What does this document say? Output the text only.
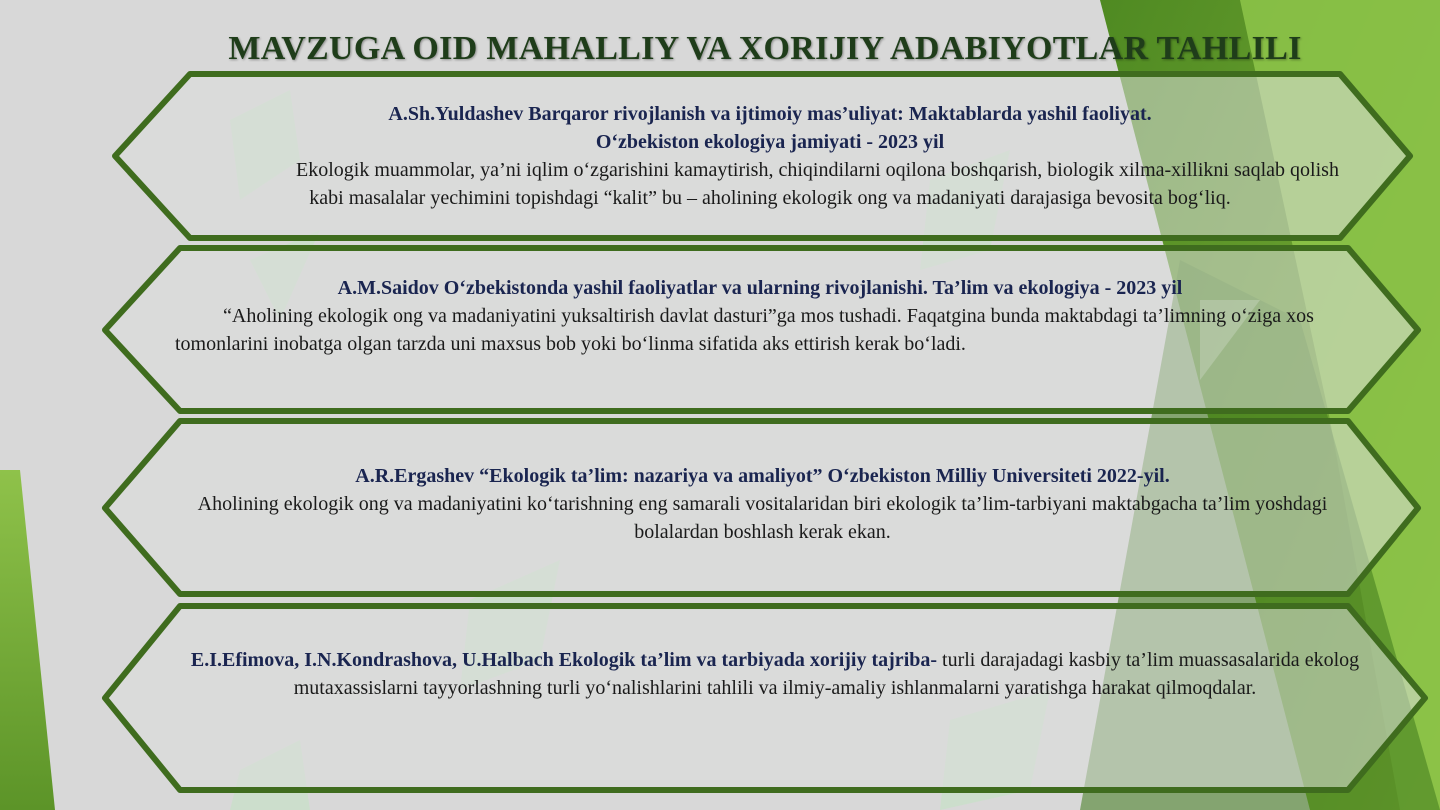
MAVZUGA OID MAHALLIY VA XORIJIY ADABIYOTLAR TAHLILI
A.Sh.Yuldashev Barqaror rivojlanish va ijtimoiy mas’uliyat: Maktablarda yashil faoliyat.
O‘zbekiston ekologiya jamiyati - 2023 yil
Ekologik muammolar, ya’ni iqlim o‘zgarishini kamaytirish, chiqindilarni oqilona boshqarish, biologik xilma-xillikni saqlab qolish kabi masalalar yechimini topishdagi “kalit” bu – aholining ekologik ong va madaniyati darajasiga bevosita bog‘liq.
A.M.Saidov O‘zbekistonda yashil faoliyatlar va ularning rivojlanishi. Ta’lim va ekologiya - 2023 yil
“Aholining ekologik ong va madaniyatini yuksaltirish davlat dasturi”ga mos tushadi. Faqatgina bunda maktabdagi ta’limning o‘ziga xos tomonlarini inobatga olgan tarzda uni maxsus bob yoki bo‘linma sifatida aks ettirish kerak bo‘ladi.
A.R.Ergashev “Ekologik ta’lim: nazariya va amaliyot” O‘zbekiston Milliy Universiteti 2022-yil.
Aholining ekologik ong va madaniyatini ko‘tarishning eng samarali vositalaridan biri ekologik ta’lim-tarbiyani maktabgacha ta’lim yoshdagi bolalardan boshlash kerak ekan.
E.I.Efimova, I.N.Kondrashova, U.Halbach Ekologik ta’lim va tarbiyada xorijiy tajriba- turli darajadagi kasbiy ta’lim muassasalarida ekolog mutaxassislarni tayyorlashning turli yo‘nalishlarini tahlili va ilmiy-amaliy ishlanmalarni yaratishga harakat qilmoqdalar.
